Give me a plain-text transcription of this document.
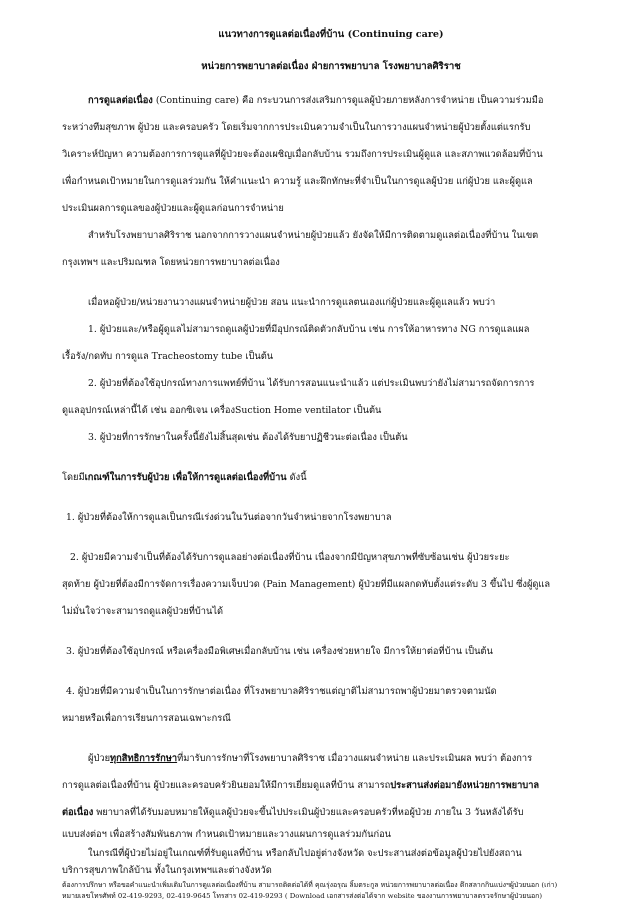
แนวทางการดูแลต่อเนื่องที่บ้าน (Continuing care)
หน่วยการพยาบาลต่อเนื่อง ฝ่ายการพยาบาล โรงพยาบาลศิริราช
การดูแลต่อเนื่อง (Continuing care) คือ กระบวนการส่งเสริมการดูแลผู้ป่วยภายหลังการจำหน่าย เป็นความร่วมมือ
ระหว่างทีมสุขภาพ ผู้ป่วย และครอบครัว โดยเริ่มจากการประเมินความจำเป็นในการวางแผนจำหน่ายผู้ป่วยตั้งแต่แรกรับ
วิเคราะห์ปัญหา ความต้องการการดูแลที่ผู้ป่วยจะต้องเผชิญเมื่อกลับบ้าน รวมถึงการประเมินผู้ดูแล และสภาพแวดล้อมที่บ้าน
เพื่อกำหนดเป้าหมายในการดูแลร่วมกัน ให้คำแนะนำ ความรู้ และฝึกทักษะที่จำเป็นในการดูแลผู้ป่วย แก่ผู้ป่วย และผู้ดูแล
ประเมินผลการดูแลของผู้ป่วยและผู้ดูแลก่อนการจำหน่าย
สำหรับโรงพยาบาลศิริราช นอกจากการวางแผนจำหน่ายผู้ป่วยแล้ว ยังจัดให้มีการติดตามดูแลต่อเนื่องที่บ้าน ในเขต
กรุงเทพฯ และปริมณฑล โดยหน่วยการพยาบาลต่อเนื่อง
เมื่อหอผู้ป่วย/หน่วยงานวางแผนจำหน่ายผู้ป่วย สอน แนะนำการดูแลตนเองแก่ผู้ป่วยและผู้ดูแลแล้ว พบว่า
1. ผู้ป่วยและ/หรือผู้ดูแลไม่สามารถดูแลผู้ป่วยที่มีอุปกรณ์ติดตัวกลับบ้าน เช่น การให้อาหารทาง NG การดูแลแผล
เรื้อรัง/กดทับ การดูแล Tracheostomy tube เป็นต้น
2. ผู้ป่วยที่ต้องใช้อุปกรณ์ทางการแพทย์ที่บ้าน ได้รับการสอนแนะนำแล้ว แต่ประเมินพบว่ายังไม่สามารถจัดการการ
ดูแลอุปกรณ์เหล่านี้ได้ เช่น ออกซิเจน เครื่องSuction Home ventilator เป็นต้น
3. ผู้ป่วยที่การรักษาในครั้งนี้ยังไม่สิ้นสุดเช่น ต้องได้รับยาปฏิชีวนะต่อเนื่อง เป็นต้น
โดยมีเกณฑ์ในการรับผู้ป่วย เพื่อให้การดูแลต่อเนื่องที่บ้าน ดังนี้
1. ผู้ป่วยที่ต้องให้การดูแลเป็นกรณีเร่งด่วนในวันต่อจากวันจำหน่ายจากโรงพยาบาล
2. ผู้ป่วยมีความจำเป็นที่ต้องได้รับการดูแลอย่างต่อเนื่องที่บ้าน เนื่องจากมีปัญหาสุขภาพที่ซับซ้อนเช่น ผู้ป่วยระยะ
สุดท้าย ผู้ป่วยที่ต้องมีการจัดการเรื่องความเจ็บปวด (Pain Management) ผู้ป่วยที่มีแผลกดทับตั้งแต่ระดับ 3 ขึ้นไป ซึ่งผู้ดูแล
ไม่มั่นใจว่าจะสามารถดูแลผู้ป่วยที่บ้านได้
3. ผู้ป่วยที่ต้องใช้อุปกรณ์ หรือเครื่องมือพิเศษเมื่อกลับบ้าน เช่น เครื่องช่วยหายใจ มีการให้ยาต่อที่บ้าน เป็นต้น
4. ผู้ป่วยที่มีความจำเป็นในการรักษาต่อเนื่อง ที่โรงพยาบาลศิริราชแต่ญาติไม่สามารถพาผู้ป่วยมาตรวจตามนัด
หมายหรือเพื่อการเรียนการสอนเฉพาะกรณี
ผู้ป่วยทุกสิทธิการรักษาที่มารับการรักษาที่โรงพยาบาลศิริราช เมื่อวางแผนจำหน่าย และประเมินผล พบว่า ต้องการ
การดูแลต่อเนื่องที่บ้าน ผู้ป่วยและครอบครัวยินยอมให้มีการเยี่ยมดูแลที่บ้าน สามารถประสานส่งต่อมายังหน่วยการพยาบาล
ต่อเนื่อง พยาบาลที่ได้รับมอบหมายให้ดูแลผู้ป่วยจะขึ้นไปประเมินผู้ป่วยและครอบครัวที่หอผู้ป่วย ภายใน 3 วันหลังได้รับ
แบบส่งต่อฯ เพื่อสร้างสัมพันธภาพ กำหนดเป้าหมายและวางแผนการดูแลร่วมกันก่อน
ในกรณีที่ผู้ป่วยไม่อยู่ในเกณฑ์ที่รับดูแลที่บ้าน หรือกลับไปอยู่ต่างจังหวัด จะประสานส่งต่อข้อมูลผู้ป่วยไปยังสถาน
บริการสุขภาพใกล้บ้าน ทั้งในกรุงเทพฯและต่างจังหวัด
ต้องการปรึกษา หรือขอคำแนะนำเพิ่มเติมในการดูแลต่อเนื่องที่บ้าน สามารถติดต่อได้ที่ คุณรุ่งอรุณ ลิ้มตระกูล หน่วยการพยาบาลต่อเนื่อง ตึกสลากกินแบ่งฯผู้ป่วยนอก (เก่า)
หมายเลขโทรศัพท์ 02-419-9293, 02-419-9645 โทรสาร 02-419-9293 ( Download เอกสารส่งต่อได้จาก website ของงานการพยาบาลตรวจรักษาผู้ป่วยนอก)
